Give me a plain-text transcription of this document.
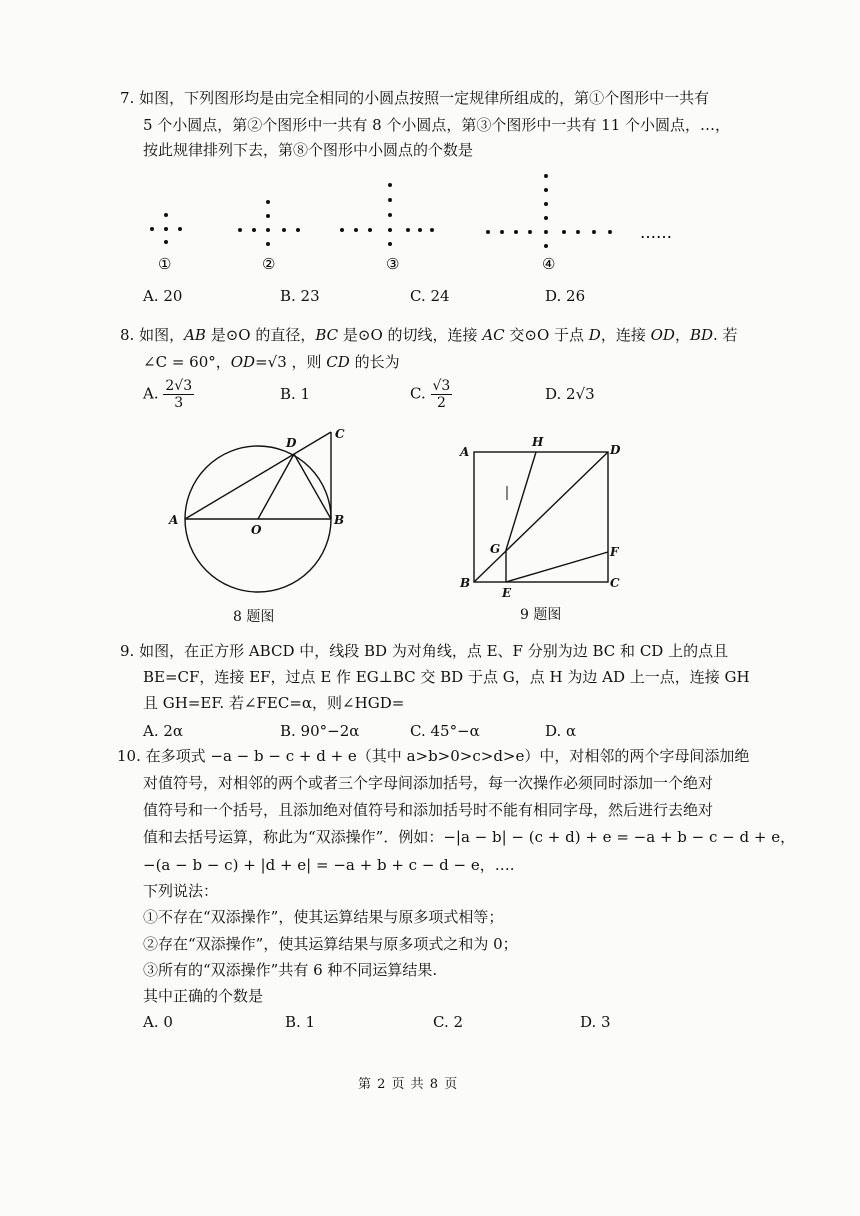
7. 如图，下列图形均是由完全相同的小圆点按照一定规律所组成的，第①个图形中一共有
5 个小圆点，第②个图形中一共有 8 个小圆点，第③个图形中一共有 11 个小圆点，…，
按此规律排列下去，第⑧个图形中小圆点的个数是
……
①	②	③	④
A. 20	B. 23	C. 24	D. 26
8. 如图，AB 是⊙O 的直径，BC 是⊙O 的切线，连接 AC 交⊙O 于点 D，连接 OD，BD. 若
∠C = 60°，OD=√3 ，则 CD 的长为
A. $\frac{2√3}{3}$	B. 1	C. $\frac{√3}{2}$	D. 2√3
A	B
C
D
O
8 题图
A	D
H
G	F
B	C
E
9 题图
9. 如图，在正方形 ABCD 中，线段 BD 为对角线，点 E、F 分别为边 BC 和 CD 上的点且
BE=CF，连接 EF，过点 E 作 EG⊥BC 交 BD 于点 G，点 H 为边 AD 上一点，连接 GH
且 GH=EF. 若∠FEC=α，则∠HGD=
A. 2α	B. 90°−2α	C. 45°−α	D. α
10. 在多项式 −a − b − c + d + e（其中 a>b>0>c>d>e）中，对相邻的两个字母间添加绝
对值符号，对相邻的两个或者三个字母间添加括号，每一次操作必须同时添加一个绝对
值符号和一个括号，且添加绝对值符号和添加括号时不能有相同字母，然后进行去绝对
值和去括号运算，称此为“双添操作”．例如：−|a − b| − (c + d) + e = −a + b − c − d + e，
−(a − b − c) + |d + e| = −a + b + c − d − e，….
下列说法：
①不存在“双添操作”，使其运算结果与原多项式相等；
②存在“双添操作”，使其运算结果与原多项式之和为 0；
③所有的“双添操作”共有 6 种不同运算结果.
其中正确的个数是
A. 0	B. 1	C. 2	D. 3
第 2 页 共 8 页
